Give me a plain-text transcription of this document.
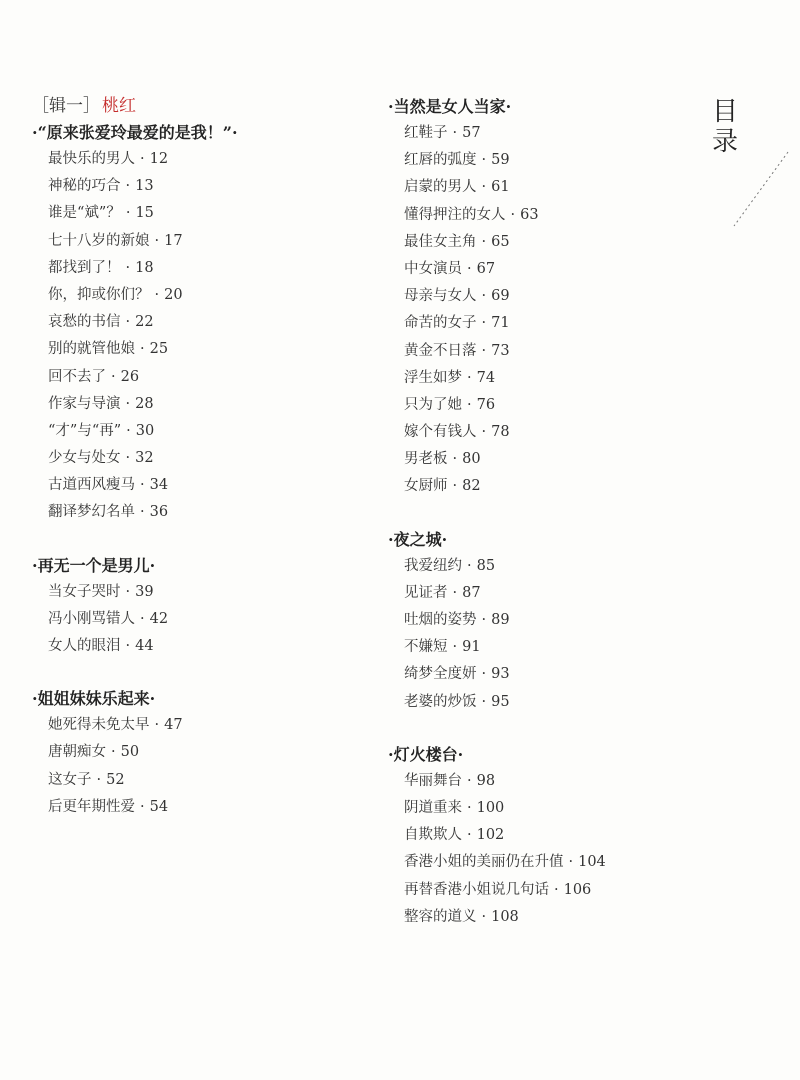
目
录
［辑一］ 桃红
·“原来张爱玲最爱的是我！”·
最快乐的男人 · 12
神秘的巧合 · 13
谁是“斌”？ · 15
七十八岁的新娘 · 17
都找到了！ · 18
你，抑或你们？ · 20
哀愁的书信 · 22
别的就管他娘 · 25
回不去了 · 26
作家与导演 · 28
“才”与“再” · 30
少女与处女 · 32
古道西风瘦马 · 34
翻译梦幻名单 · 36
·再无一个是男儿·
当女子哭时 · 39
冯小刚骂错人 · 42
女人的眼泪 · 44
·姐姐妹妹乐起来·
她死得未免太早 · 47
唐朝痴女 · 50
这女子 · 52
后更年期性爱 · 54
·当然是女人当家·
红鞋子 · 57
红唇的弧度 · 59
启蒙的男人 · 61
懂得押注的女人 · 63
最佳女主角 · 65
中女演员 · 67
母亲与女人 · 69
命苦的女子 · 71
黄金不日落 · 73
浮生如梦 · 74
只为了她 · 76
嫁个有钱人 · 78
男老板 · 80
女厨师 · 82
·夜之城·
我爱纽约 · 85
见证者 · 87
吐烟的姿势 · 89
不嫌短 · 91
绮梦全度妍 · 93
老婆的炒饭 · 95
·灯火楼台·
华丽舞台 · 98
阴道重来 · 100
自欺欺人 · 102
香港小姐的美丽仍在升值 · 104
再替香港小姐说几句话 · 106
整容的道义 · 108
